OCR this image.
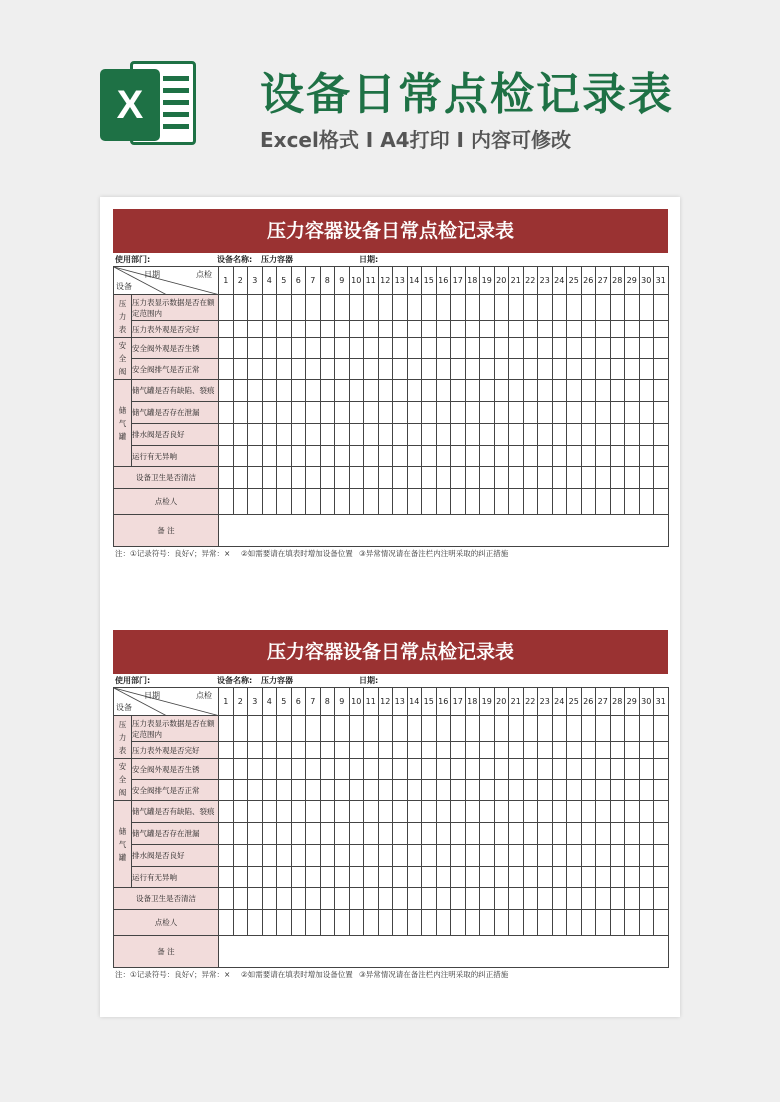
X	设备日常点检记录表
Excel格式 I A4打印 I 内容可修改
压力容器设备日常点检记录表
使用部门:	设备名称: 压力容器	日期:
日期 点检
设备		1	2	3	4	5	6	7	8	9	10	11	12	13	14	15	16	17	18	19	20	21	22	23	24	25	26	27	28	29	30	31

压
力
表	压力表显示数据是否在额定范围内																															
	压力表外观是否完好																															

安
全
阀	安全阀外观是否生锈																															
	安全阀排气是否正常																															

储
气
罐	储气罐是否有缺陷、裂痕																															
	储气罐是否存在泄漏																															
	排水阀是否良好																															
	运行有无异响																															
设备卫生是否清洁																																
点检人																																
备 注																																
注：①记录符号：良好√；异常：× ②如需要请在填表时增加设备位置 ③异常情况请在备注栏内注明采取的纠正措施
压力容器设备日常点检记录表
使用部门:	设备名称: 压力容器	日期:
日期 点检
设备		1	2	3	4	5	6	7	8	9	10	11	12	13	14	15	16	17	18	19	20	21	22	23	24	25	26	27	28	29	30	31

压
力
表	压力表显示数据是否在额定范围内																															
	压力表外观是否完好																															

安
全
阀	安全阀外观是否生锈																															
	安全阀排气是否正常																															

储
气
罐	储气罐是否有缺陷、裂痕																															
	储气罐是否存在泄漏																															
	排水阀是否良好																															
	运行有无异响																															
设备卫生是否清洁																																
点检人																																
备 注																																
注：①记录符号：良好√；异常：× ②如需要请在填表时增加设备位置 ③异常情况请在备注栏内注明采取的纠正措施
